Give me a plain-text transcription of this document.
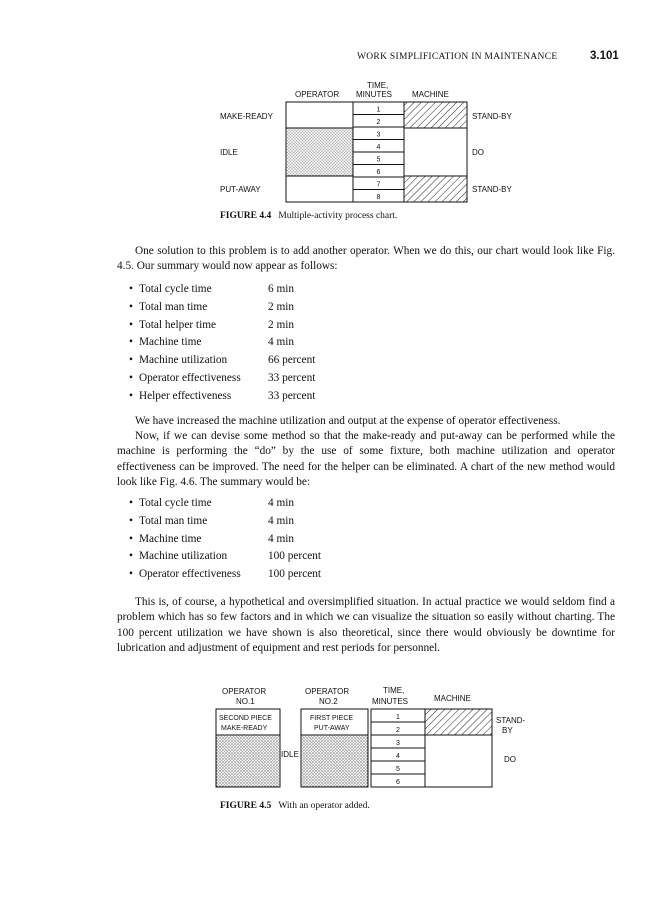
WORK SIMPLIFICATION IN MAINTENANCE	3.101
OPERATOR
TIME,
MINUTES	MACHINE
1
2
3
4
5
6
7
8
MAKE-READY
IDLE
PUT-AWAY
STAND-BY
DO
STAND-BY
FIGURE 4.4 Multiple-activity process chart.
One solution to this problem is to add another operator. When we do this, our chart would look like Fig. 4.5. Our summary would now appear as follows:
• Total cycle time	6 min
• Total man time	2 min
• Total helper time	2 min
• Machine time	4 min
• Machine utilization	66 percent
• Operator effectiveness 33 percent
• Helper effectiveness	33 percent
We have increased the machine utilization and output at the expense of operator effectiveness.
Now, if we can devise some method so that the make-ready and put-away can be performed while the machine is performing the “do” by the use of some fixture, both machine utilization and operator effectiveness can be improved. The need for the helper can be eliminated. A chart of the new method would look like Fig. 4.6. The summary would be:
• Total cycle time	4 min
• Total man time	4 min
• Machine time	4 min
• Machine utilization	100 percent
• Operator effectiveness 100 percent
This is, of course, a hypothetical and oversimplified situation. In actual practice we would seldom find a problem which has so few factors and in which we can visualize the situation so easily without charting. The 100 percent utilization we have shown is also theoretical, since there would obviously be downtime for lubrication and adjustment of equipment and rest periods for personnel.
OPERATOR
NO.1
OPERATOR
NO.2
TIME,
MINUTES	MACHINE
SECOND PIECE
MAKE-READY
IDLE
FIRST PIECE
PUT-AWAY
1
2
3
4
5
6
STAND-
BY
DO
FIGURE 4.5 With an operator added.
